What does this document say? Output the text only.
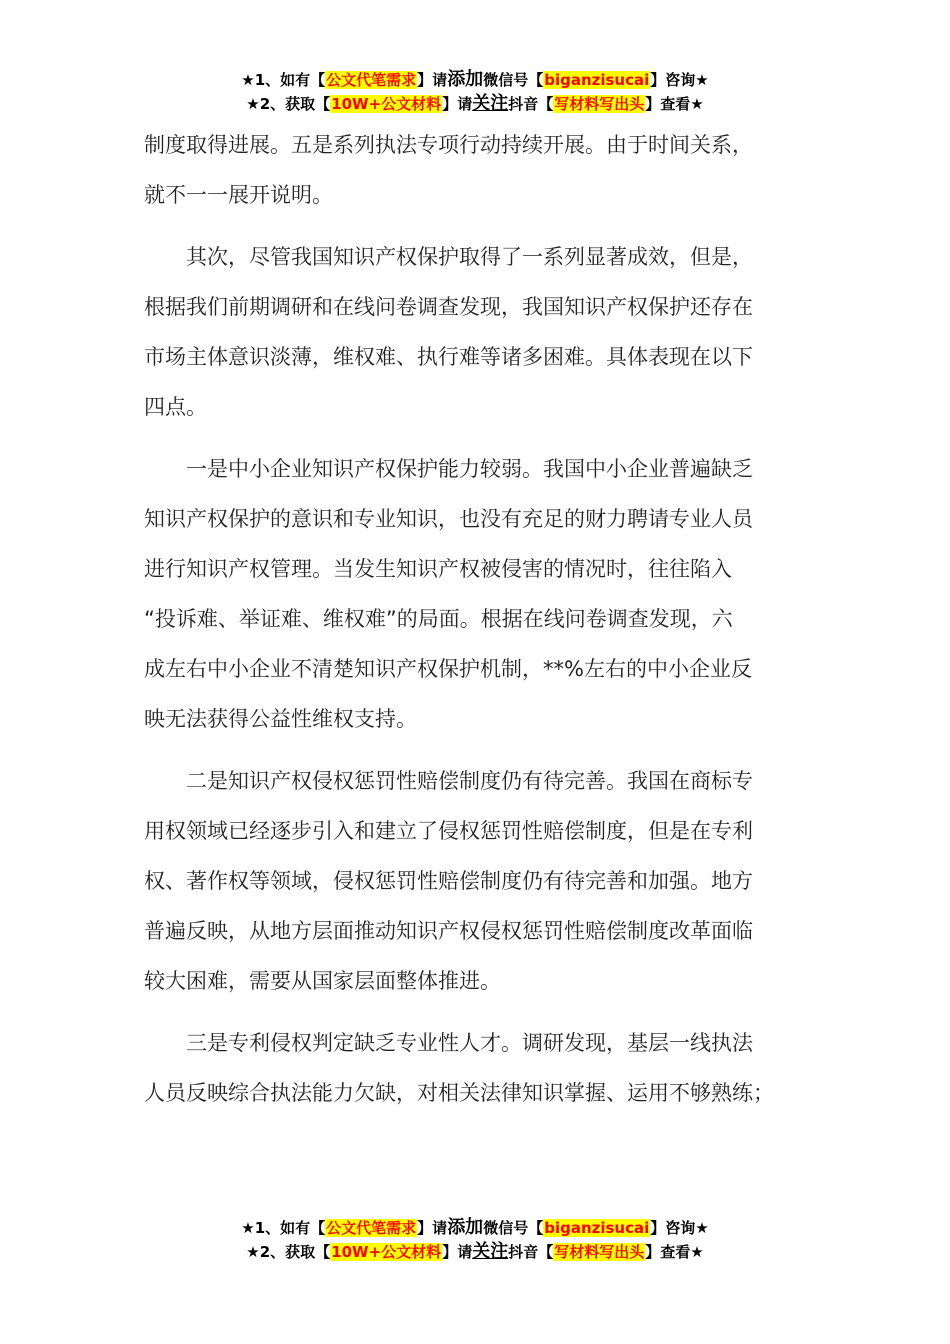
★1、如有【公文代笔需求】请添加微信号【biganzisucai】咨询★
★2、获取【10W+公文材料】请关注抖音【写材料写出头】查看★
制度取得进展。五是系列执法专项行动持续开展。由于时间关系，
就不一一展开说明。
　　其次，尽管我国知识产权保护取得了一系列显著成效，但是，
根据我们前期调研和在线问卷调查发现，我国知识产权保护还存在
市场主体意识淡薄，维权难、执行难等诸多困难。具体表现在以下
四点。
　　一是中小企业知识产权保护能力较弱。我国中小企业普遍缺乏
知识产权保护的意识和专业知识，也没有充足的财力聘请专业人员
进行知识产权管理。当发生知识产权被侵害的情况时，往往陷入
“投诉难、举证难、维权难”的局面。根据在线问卷调查发现，六
成左右中小企业不清楚知识产权保护机制，**%左右的中小企业反
映无法获得公益性维权支持。
　　二是知识产权侵权惩罚性赔偿制度仍有待完善。我国在商标专
用权领域已经逐步引入和建立了侵权惩罚性赔偿制度，但是在专利
权、著作权等领域，侵权惩罚性赔偿制度仍有待完善和加强。地方
普遍反映，从地方层面推动知识产权侵权惩罚性赔偿制度改革面临
较大困难，需要从国家层面整体推进。
　　三是专利侵权判定缺乏专业性人才。调研发现，基层一线执法
人员反映综合执法能力欠缺，对相关法律知识掌握、运用不够熟练；
★1、如有【公文代笔需求】请添加微信号【biganzisucai】咨询★
★2、获取【10W+公文材料】请关注抖音【写材料写出头】查看★
